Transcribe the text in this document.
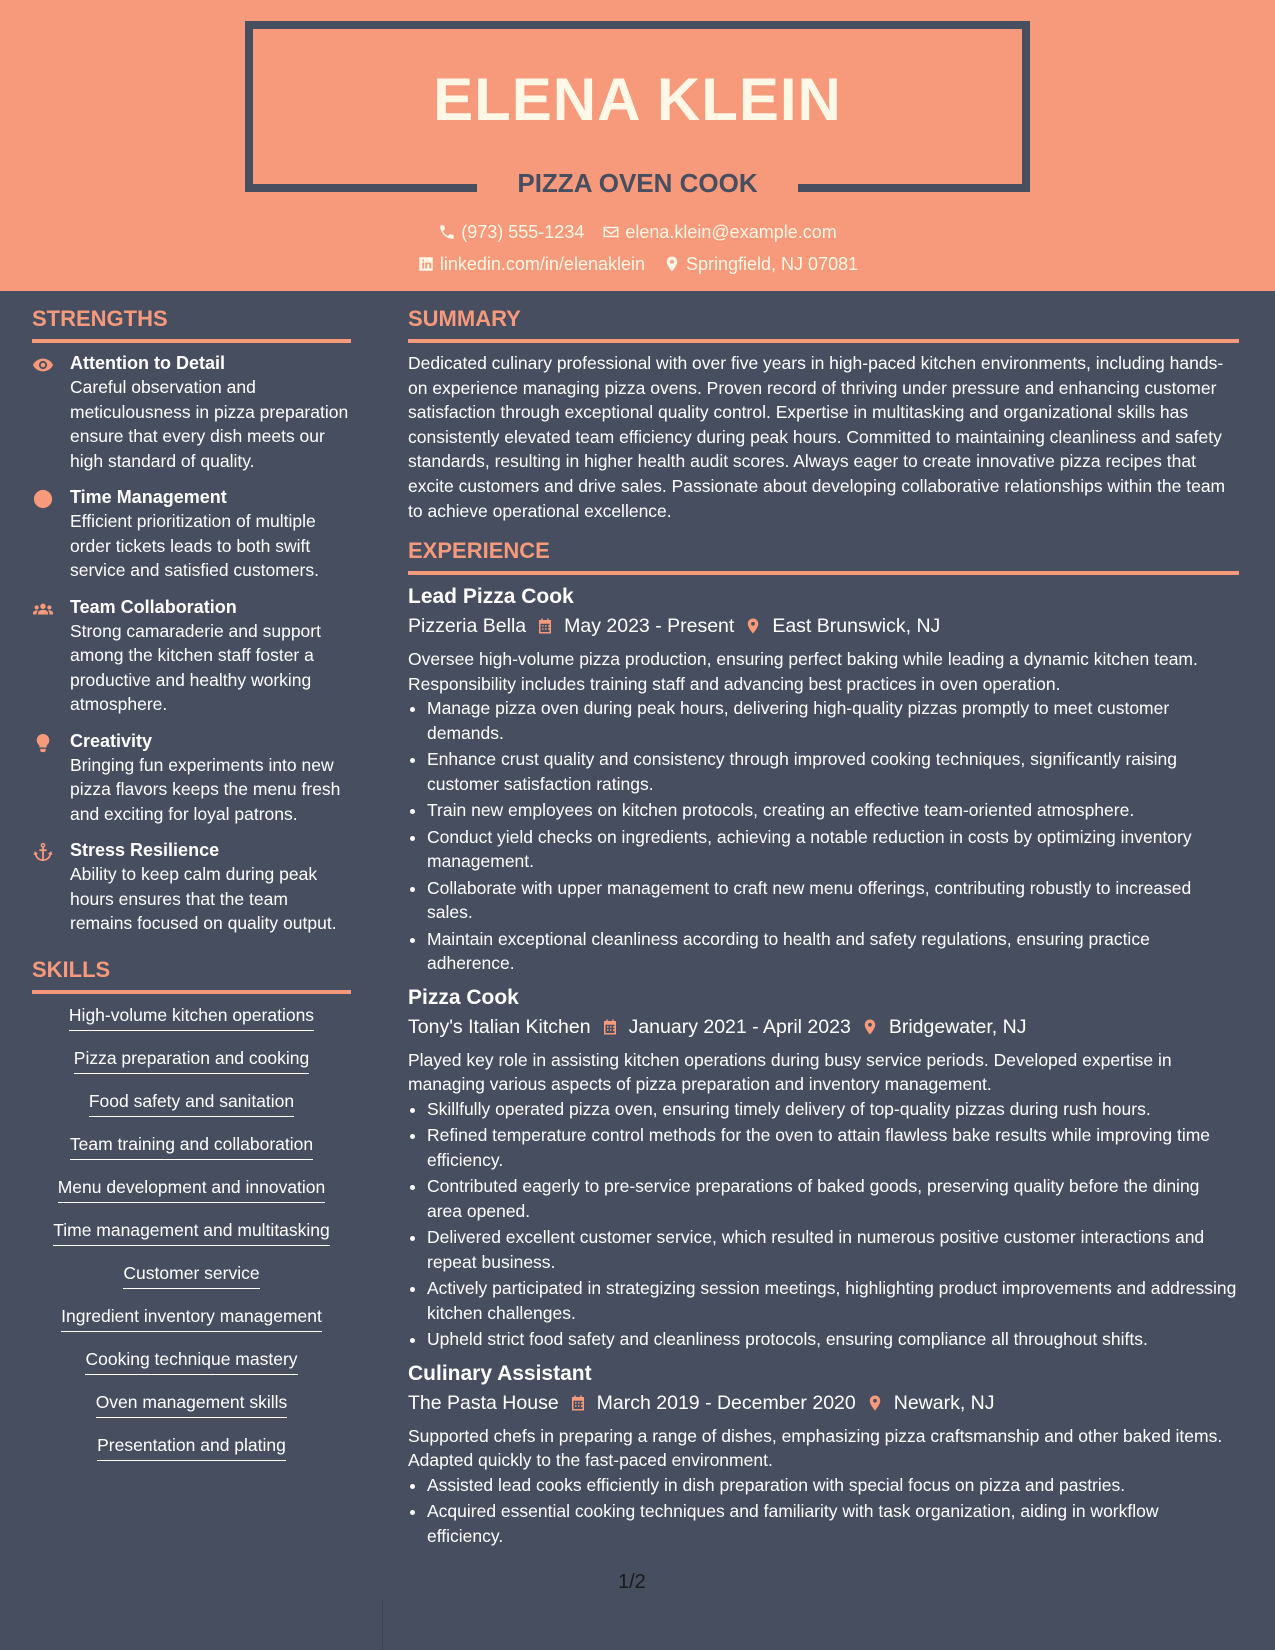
ELENA KLEIN
PIZZA OVEN COOK
(973) 555-1234 elena.klein@example.com
linkedin.com/in/elenaklein Springfield, NJ 07081
STRENGTHS
Attention to Detail
Careful observation and meticulousness in pizza preparation ensure that every dish meets our high standard of quality.
Time Management
Efficient prioritization of multiple order tickets leads to both swift service and satisfied customers.
Team Collaboration
Strong camaraderie and support among the kitchen staff foster a productive and healthy working atmosphere.
Creativity
Bringing fun experiments into new pizza flavors keeps the menu fresh and exciting for loyal patrons.
Stress Resilience
Ability to keep calm during peak hours ensures that the team remains focused on quality output.
SKILLS
High-volume kitchen operations
Pizza preparation and cooking
Food safety and sanitation
Team training and collaboration
Menu development and innovation
Time management and multitasking
Customer service
Ingredient inventory management
Cooking technique mastery
Oven management skills
Presentation and plating
SUMMARY
Dedicated culinary professional with over five years in high-paced kitchen environments, including hands-on experience managing pizza ovens. Proven record of thriving under pressure and enhancing customer satisfaction through exceptional quality control. Expertise in multitasking and organizational skills has consistently elevated team efficiency during peak hours. Committed to maintaining cleanliness and safety standards, resulting in higher health audit scores. Always eager to create innovative pizza recipes that excite customers and drive sales. Passionate about developing collaborative relationships within the team to achieve operational excellence.
EXPERIENCE
Lead Pizza Cook
Pizzeria Bella May 2023 - Present East Brunswick, NJ
Oversee high-volume pizza production, ensuring perfect baking while leading a dynamic kitchen team. Responsibility includes training staff and advancing best practices in oven operation.
• Manage pizza oven during peak hours, delivering high-quality pizzas promptly to meet customer demands.
• Enhance crust quality and consistency through improved cooking techniques, significantly raising customer satisfaction ratings.
• Train new employees on kitchen protocols, creating an effective team-oriented atmosphere.
• Conduct yield checks on ingredients, achieving a notable reduction in costs by optimizing inventory management.
• Collaborate with upper management to craft new menu offerings, contributing robustly to increased sales.
• Maintain exceptional cleanliness according to health and safety regulations, ensuring practice adherence.
Pizza Cook
Tony's Italian Kitchen January 2021 - April 2023 Bridgewater, NJ
Played key role in assisting kitchen operations during busy service periods. Developed expertise in managing various aspects of pizza preparation and inventory management.
• Skillfully operated pizza oven, ensuring timely delivery of top-quality pizzas during rush hours.
• Refined temperature control methods for the oven to attain flawless bake results while improving time efficiency.
• Contributed eagerly to pre-service preparations of baked goods, preserving quality before the dining area opened.
• Delivered excellent customer service, which resulted in numerous positive customer interactions and repeat business.
• Actively participated in strategizing session meetings, highlighting product improvements and addressing kitchen challenges.
• Upheld strict food safety and cleanliness protocols, ensuring compliance all throughout shifts.
Culinary Assistant
The Pasta House March 2019 - December 2020 Newark, NJ
Supported chefs in preparing a range of dishes, emphasizing pizza craftsmanship and other baked items. Adapted quickly to the fast-paced environment.
• Assisted lead cooks efficiently in dish preparation with special focus on pizza and pastries.
• Acquired essential cooking techniques and familiarity with task organization, aiding in workflow efficiency.
1/2
